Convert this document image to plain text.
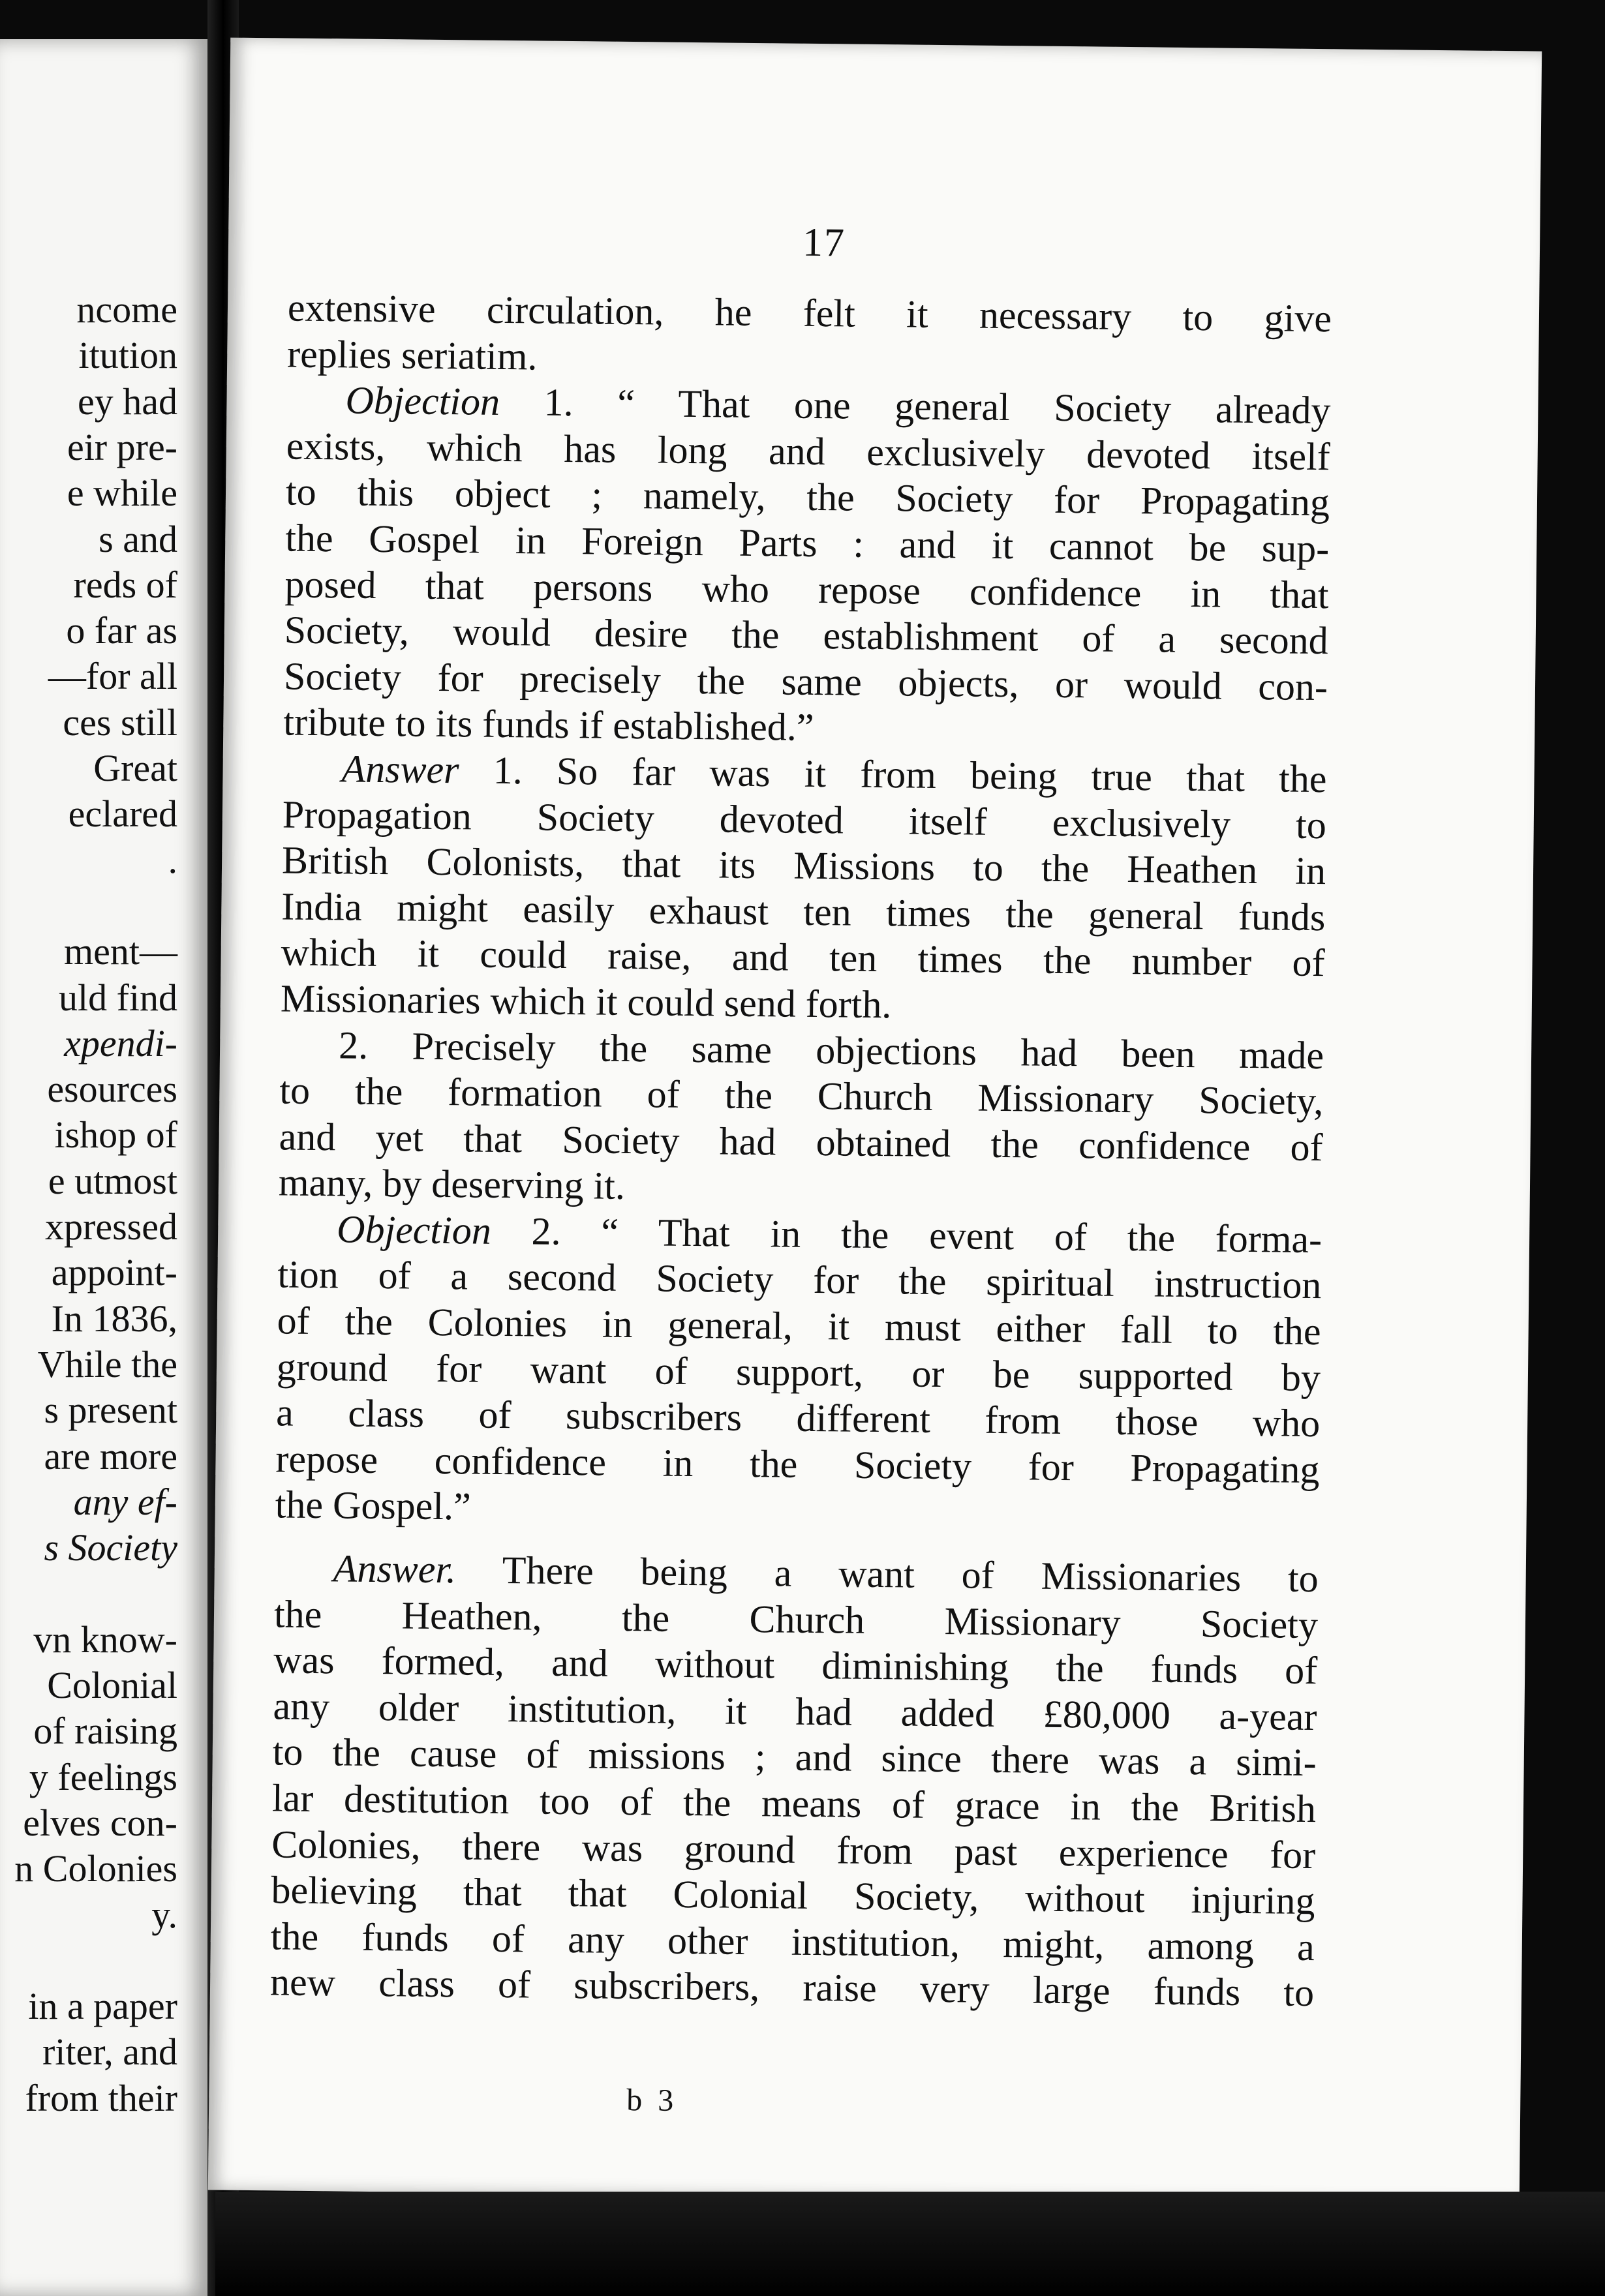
ncome
itution
ey had
eir pre-
e while
s and
reds of
o far as
—for all
ces still
Great
eclared
.
ment—
uld find
xpendi-
esources
ishop of
e utmost
xpressed
appoint-
In 1836,
Vhile the
s present
are more
any ef-
s Society
vn know-
Colonial
of raising
y feelings
elves con-
n Colonies
y.
in a paper
riter, and
from their
17
extensive circulation, he felt it necessary to give
replies seriatim.
Objection 1. “ That one general Society already
exists, which has long and exclusively devoted itself
to this object ; namely, the Society for Propagating
the Gospel in Foreign Parts : and it cannot be sup-
posed that persons who repose confidence in that
Society, would desire the establishment of a second
Society for precisely the same objects, or would con-
tribute to its funds if established.”
Answer 1. So far was it from being true that the
Propagation Society devoted itself exclusively to
British Colonists, that its Missions to the Heathen in
India might easily exhaust ten times the general funds
which it could raise, and ten times the number of
Missionaries which it could send forth.
2. Precisely the same objections had been made
to the formation of the Church Missionary Society,
and yet that Society had obtained the confidence of
many, by deserving it.
Objection 2. “ That in the event of the forma-
tion of a second Society for the spiritual instruction
of the Colonies in general, it must either fall to the
ground for want of support, or be supported by
a class of subscribers different from those who
repose confidence in the Society for Propagating
the Gospel.”
Answer. There being a want of Missionaries to
the Heathen, the Church Missionary Society
was formed, and without diminishing the funds of
any older institution, it had added £80,000 a-year
to the cause of missions ; and since there was a simi-
lar destitution too of the means of grace in the British
Colonies, there was ground from past experience for
believing that that Colonial Society, without injuring
the funds of any other institution, might, among a
new class of subscribers, raise very large funds to
b 3
